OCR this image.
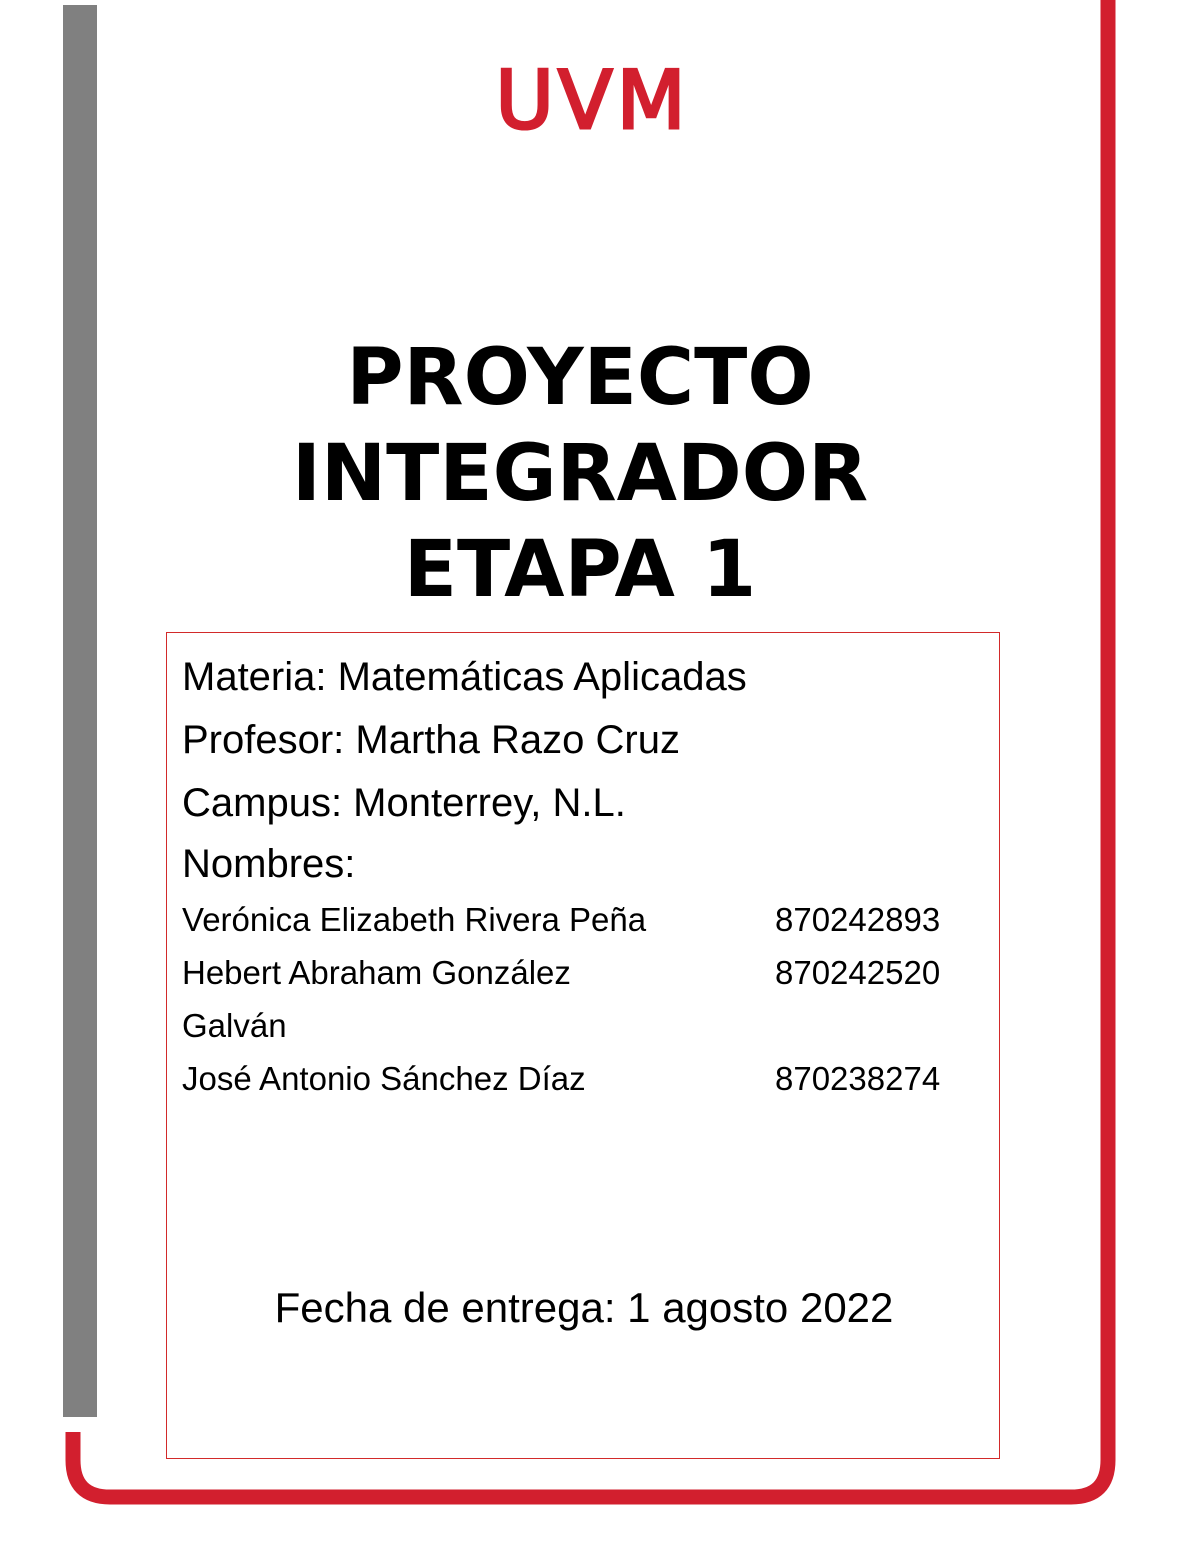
UVM
PROYECTO
INTEGRADOR
ETAPA 1
Materia: Matemáticas Aplicadas
Profesor: Martha Razo Cruz
Campus: Monterrey, N.L.
Nombres:
Verónica Elizabeth Rivera Peña	870242893
Hebert Abraham González Galván
870242520
José Antonio Sánchez Díaz	870238274
Fecha de entrega: 1 agosto 2022
